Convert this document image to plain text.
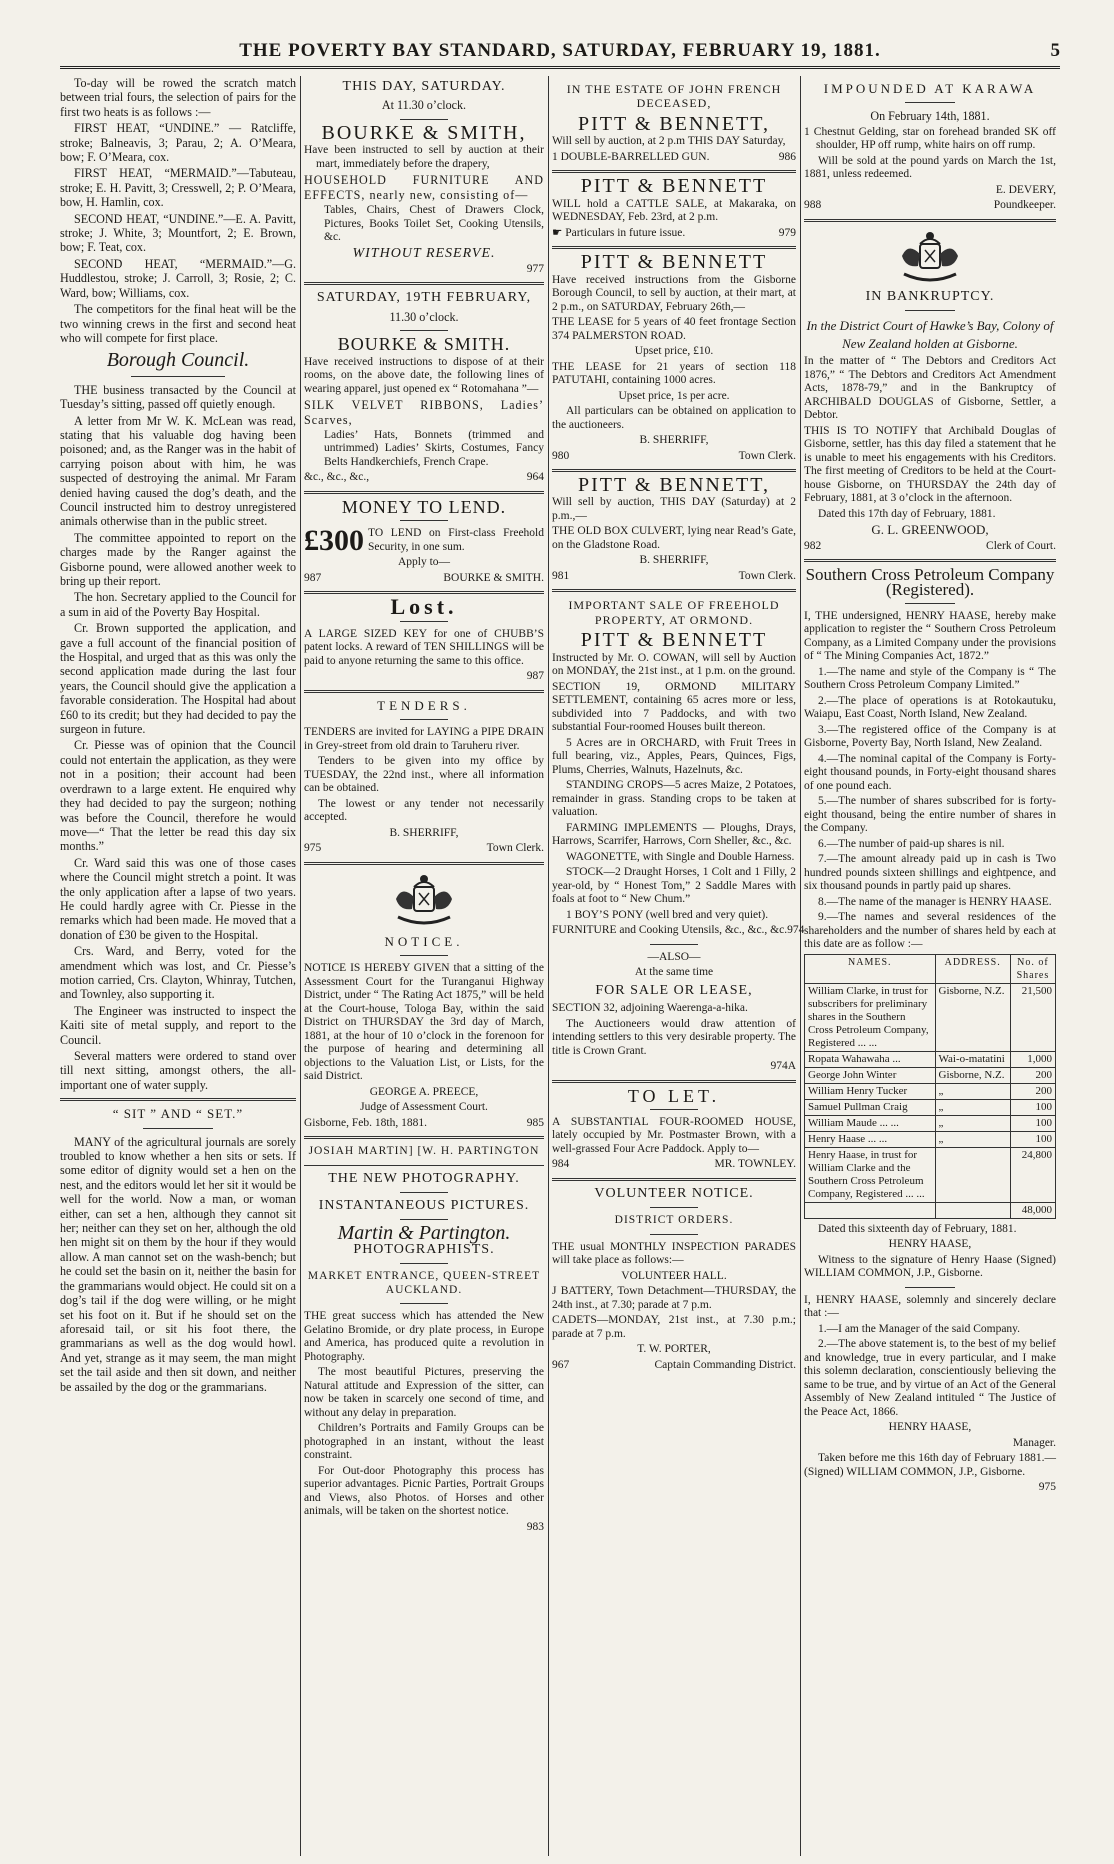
THE POVERTY BAY STANDARD, SATURDAY, FEBRUARY 19, 1881.	5

To-day will be rowed the scratch match between trial fours, the selection of pairs for the first two heats is as follows :—

FIRST HEAT, “UNDINE.” — Ratcliffe, stroke; Balneavis, 3; Parau, 2; A. O’Meara, bow; F. O’Meara, cox.

FIRST HEAT, “MERMAID.”—Tabuteau, stroke; E. H. Pavitt, 3; Cresswell, 2; P. O’Meara, bow, H. Hamlin, cox.

SECOND HEAT, “UNDINE.”—E. A. Pavitt, stroke; J. White, 3; Mountfort, 2; E. Brown, bow; F. Teat, cox.

SECOND HEAT, “MERMAID.”—G. Huddlestou, stroke; J. Carroll, 3; Rosie, 2; C. Ward, bow; Williams, cox.

The competitors for the final heat will be the two winning crews in the first and second heat who will compete for first place.

Borough Council.

THE business transacted by the Council at Tuesday’s sitting, passed off quietly enough.

A letter from Mr W. K. McLean was read, stating that his valuable dog having been poisoned; and, as the Ranger was in the habit of carrying poison about with him, he was suspected of destroying the animal. Mr Faram denied having caused the dog’s death, and the Council instructed him to destroy unregistered animals otherwise than in the public street.

The committee appointed to report on the charges made by the Ranger against the Gisborne pound, were allowed another week to bring up their report.

The hon. Secretary applied to the Council for a sum in aid of the Poverty Bay Hospital.

Cr. Brown supported the application, and gave a full account of the financial position of the Hospital, and urged that as this was only the second application made during the last four years, the Council should give the application a favorable consideration. The Hospital had about £60 to its credit; but they had decided to pay the surgeon in future.

Cr. Piesse was of opinion that the Council could not entertain the application, as they were not in a position; their account had been overdrawn to a large extent. He enquired why they had decided to pay the surgeon; nothing was before the Council, therefore he would move—“ That the letter be read this day six months.”

Cr. Ward said this was one of those cases where the Council might stretch a point. It was the only application after a lapse of two years. He could hardly agree with Cr. Piesse in the remarks which had been made. He moved that a donation of £30 be given to the Hospital.

Crs. Ward, and Berry, voted for the amendment which was lost, and Cr. Piesse’s motion carried, Crs. Clayton, Whinray, Tutchen, and Townley, also supporting it.

The Engineer was instructed to inspect the Kaiti site of metal supply, and report to the Council.

Several matters were ordered to stand over till next sitting, amongst others, the all-important one of water supply.

“ SIT ” AND “ SET.”

MANY of the agricultural journals are sorely troubled to know whether a hen sits or sets. If some editor of dignity would set a hen on the nest, and the editors would let her sit it would be well for the world. Now a man, or woman either, can set a hen, although they cannot sit her; neither can they set on her, although the old hen might sit on them by the hour if they would allow. A man cannot set on the wash-bench; but he could set the basin on it, neither the basin for the grammarians would object. He could sit on a dog’s tail if the dog were willing, or he might set his foot on it. But if he should set on the aforesaid tail, or sit his foot there, the grammarians as well as the dog would howl. And yet, strange as it may seem, the man might set the tail aside and then sit down, and neither be assailed by the dog or the grammarians.

THIS DAY, SATURDAY.

At 11.30 o’clock.

BOURKE & SMITH,

Have been instructed to sell by auction at their mart, immediately before the drapery,

HOUSEHOLD FURNITURE AND EFFECTS, nearly new, consisting of—

Tables, Chairs, Chest of Drawers Clock, Pictures, Books Toilet Set, Cooking Utensils, &c.

WITHOUT RESERVE.

977

SATURDAY, 19TH FEBRUARY,

11.30 o’clock.

BOURKE & SMITH.

Have received instructions to dispose of at their rooms, on the above date, the following lines of wearing apparel, just opened ex “ Rotomahana ”—

SILK VELVET RIBBONS, Ladies’ Scarves,

Ladies’ Hats, Bonnets (trimmed and untrimmed) Ladies’ Skirts, Costumes, Fancy Belts Handkerchiefs, French Crape.

&c., &c., &c.,	964
MONEY TO LEND.
£300 TO LEND on First-class Freehold Security, in one sum.

Apply to—

987	BOURKE & SMITH.
Lost.

A LARGE SIZED KEY for one of CHUBB’S patent locks. A reward of TEN SHILLINGS will be paid to anyone returning the same to this office.

987

TENDERS.

TENDERS are invited for LAYING a PIPE DRAIN in Grey-street from old drain to Taruheru river.

Tenders to be given into my office by TUESDAY, the 22nd inst., where all information can be obtained.

The lowest or any tender not necessarily accepted.

B. SHERRIFF,

975	Town Clerk.
NOTICE.

NOTICE IS HEREBY GIVEN that a sitting of the Assessment Court for the Turanganui Highway District, under “ The Rating Act 1875,” will be held at the Court-house, Tologa Bay, within the said District on THURSDAY the 3rd day of March, 1881, at the hour of 10 o’clock in the forenoon for the purpose of hearing and determining all objections to the Valuation List, or Lists, for the said District.

GEORGE A. PREECE,

Judge of Assessment Court.

Gisborne, Feb. 18th, 1881.	985

JOSIAH MARTIN] [W. H. PARTINGTON

THE NEW PHOTOGRAPHY.
INSTANTANEOUS PICTURES.
Martin & Partington.
PHOTOGRAPHISTS.

MARKET ENTRANCE, QUEEN-STREET AUCKLAND.

THE great success which has attended the New Gelatino Bromide, or dry plate process, in Europe and America, has produced quite a revolution in Photography.

The most beautiful Pictures, preserving the Natural attitude and Expression of the sitter, can now be taken in scarcely one second of time, and without any delay in preparation.

Children’s Portraits and Family Groups can be photographed in an instant, without the least constraint.

For Out-door Photography this process has superior advantages. Picnic Parties, Portrait Groups and Views, also Photos. of Horses and other animals, will be taken on the shortest notice.

983

IN THE ESTATE OF JOHN FRENCH DECEASED,
PITT & BENNETT,

Will sell by auction, at 2 p.m THIS DAY Saturday,

1 DOUBLE-BARRELLED GUN.	986
PITT & BENNETT

WILL hold a CATTLE SALE, at Makaraka, on WEDNESDAY, Feb. 23rd, at 2 p.m.

☛ Particulars in future issue.	979
PITT & BENNETT

Have received instructions from the Gisborne Borough Council, to sell by auction, at their mart, at 2 p.m., on SATURDAY, February 26th,—

THE LEASE for 5 years of 40 feet frontage Section 374 PALMERSTON ROAD.

Upset price, £10.

THE LEASE for 21 years of section 118 PATUTAHI, containing 1000 acres.

Upset price, 1s per acre.

All particulars can be obtained on application to the auctioneers.

B. SHERRIFF,

980	Town Clerk.
PITT & BENNETT,

Will sell by auction, THIS DAY (Saturday) at 2 p.m.,—

THE OLD BOX CULVERT, lying near Read’s Gate, on the Gladstone Road.

B. SHERRIFF,

981	Town Clerk.
IMPORTANT SALE OF FREEHOLD PROPERTY, AT ORMOND.
PITT & BENNETT

Instructed by Mr. O. COWAN, will sell by Auction on MONDAY, the 21st inst., at 1 p.m. on the ground.

SECTION 19, ORMOND MILITARY SETTLEMENT, containing 65 acres more or less, subdivided into 7 Paddocks, and with two substantial Four-roomed Houses built thereon.

5 Acres are in ORCHARD, with Fruit Trees in full bearing, viz., Apples, Pears, Quinces, Figs, Plums, Cherries, Walnuts, Hazelnuts, &c.

STANDING CROPS—5 acres Maize, 2 Potatoes, remainder in grass. Standing crops to be taken at valuation.

FARMING IMPLEMENTS — Ploughs, Drays, Harrows, Scarrifer, Harrows, Corn Sheller, &c., &c.

WAGONETTE, with Single and Double Harness.

STOCK—2 Draught Horses, 1 Colt and 1 Filly, 2 year-old, by “ Honest Tom,” 2 Saddle Mares with foals at foot to “ New Chum.”

1 BOY’S PONY (well bred and very quiet).

FURNITURE and Cooking Utensils, &c., &c., &c. 974

—ALSO—

At the same time

FOR SALE OR LEASE,

SECTION 32, adjoining Waerenga-a-hika.

The Auctioneers would draw attention of intending settlers to this very desirable property. The title is Crown Grant.

974A

TO LET.

A SUBSTANTIAL FOUR-ROOMED HOUSE, lately occupied by Mr. Postmaster Brown, with a well-grassed Four Acre Paddock. Apply to—

984	MR. TOWNLEY.
VOLUNTEER NOTICE.

DISTRICT ORDERS.

THE usual MONTHLY INSPECTION PARADES will take place as follows:—

VOLUNTEER HALL.

J BATTERY, Town Detachment—THURSDAY, the 24th inst., at 7.30; parade at 7 p.m.

CADETS—MONDAY, 21st inst., at 7.30 p.m.; parade at 7 p.m.

T. W. PORTER,

967	Captain Commanding District.
IMPOUNDED AT KARAWA

On February 14th, 1881.

1 Chestnut Gelding, star on forehead branded SK off shoulder, HP off rump, white hairs on off rump.

Will be sold at the pound yards on March the 1st, 1881, unless redeemed.

E. DEVERY,

988	Poundkeeper.
IN BANKRUPTCY.

In the District Court of Hawke’s Bay, Colony of New Zealand holden at Gisborne.

In the matter of “ The Debtors and Creditors Act 1876,” “ The Debtors and Creditors Act Amendment Acts, 1878-79,” and in the Bankruptcy of ARCHIBALD DOUGLAS of Gisborne, Settler, a Debtor.

THIS IS TO NOTIFY that Archibald Douglas of Gisborne, settler, has this day filed a statement that he is unable to meet his engagements with his Creditors. The first meeting of Creditors to be held at the Court-house Gisborne, on THURSDAY the 24th day of February, 1881, at 3 o’clock in the afternoon.

Dated this 17th day of February, 1881.

G. L. GREENWOOD,

982	Clerk of Court.
Southern Cross Petroleum Company (Registered).

I, THE undersigned, HENRY HAASE, hereby make application to register the “ Southern Cross Petroleum Company, as a Limited Company under the provisions of “ The Mining Companies Act, 1872.”

1.—The name and style of the Company is “ The Southern Cross Petroleum Company Limited.”

2.—The place of operations is at Rotokautuku, Waiapu, East Coast, North Island, New Zealand.

3.—The registered office of the Company is at Gisborne, Poverty Bay, North Island, New Zealand.

4.—The nominal capital of the Company is Forty-eight thousand pounds, in Forty-eight thousand shares of one pound each.

5.—The number of shares subscribed for is forty-eight thousand, being the entire number of shares in the Company.

6.—The number of paid-up shares is nil.

7.—The amount already paid up in cash is Two hundred pounds sixteen shillings and eightpence, and six thousand pounds in partly paid up shares.

8.—The name of the manager is HENRY HAASE.

9.—The names and several residences of the shareholders and the number of shares held by each at this date are as follow :—

NAMES.	ADDRESS.	No. of Shares
William Clarke, in trust for subscribers for preliminary shares in the Southern Cross Petroleum Company, Registered ... ...	Gisborne, N.Z.	21,500
Ropata Wahawaha ...	Wai-o-matatini	1,000
George John Winter	Gisborne, N.Z.	200
William Henry Tucker	„	200
Samuel Pullman Craig	„	100
William Maude ... ...	„	100
Henry Haase ... ...	„	100
Henry Haase, in trust for William Clarke and the Southern Cross Petroleum Company, Registered ... ...		24,800
		48,000

Dated this sixteenth day of February, 1881.

HENRY HAASE,

Witness to the signature of Henry Haase (Signed) WILLIAM COMMON, J.P., Gisborne.

I, HENRY HAASE, solemnly and sincerely declare that :—

1.—I am the Manager of the said Company.

2.—The above statement is, to the best of my belief and knowledge, true in every particular, and I make this solemn declaration, conscientiously believing the same to be true, and by virtue of an Act of the General Assembly of New Zealand intituled “ The Justice of the Peace Act, 1866.

HENRY HAASE,

Manager.

Taken before me this 16th day of February 1881.—(Signed) WILLIAM COMMON, J.P., Gisborne.

975
